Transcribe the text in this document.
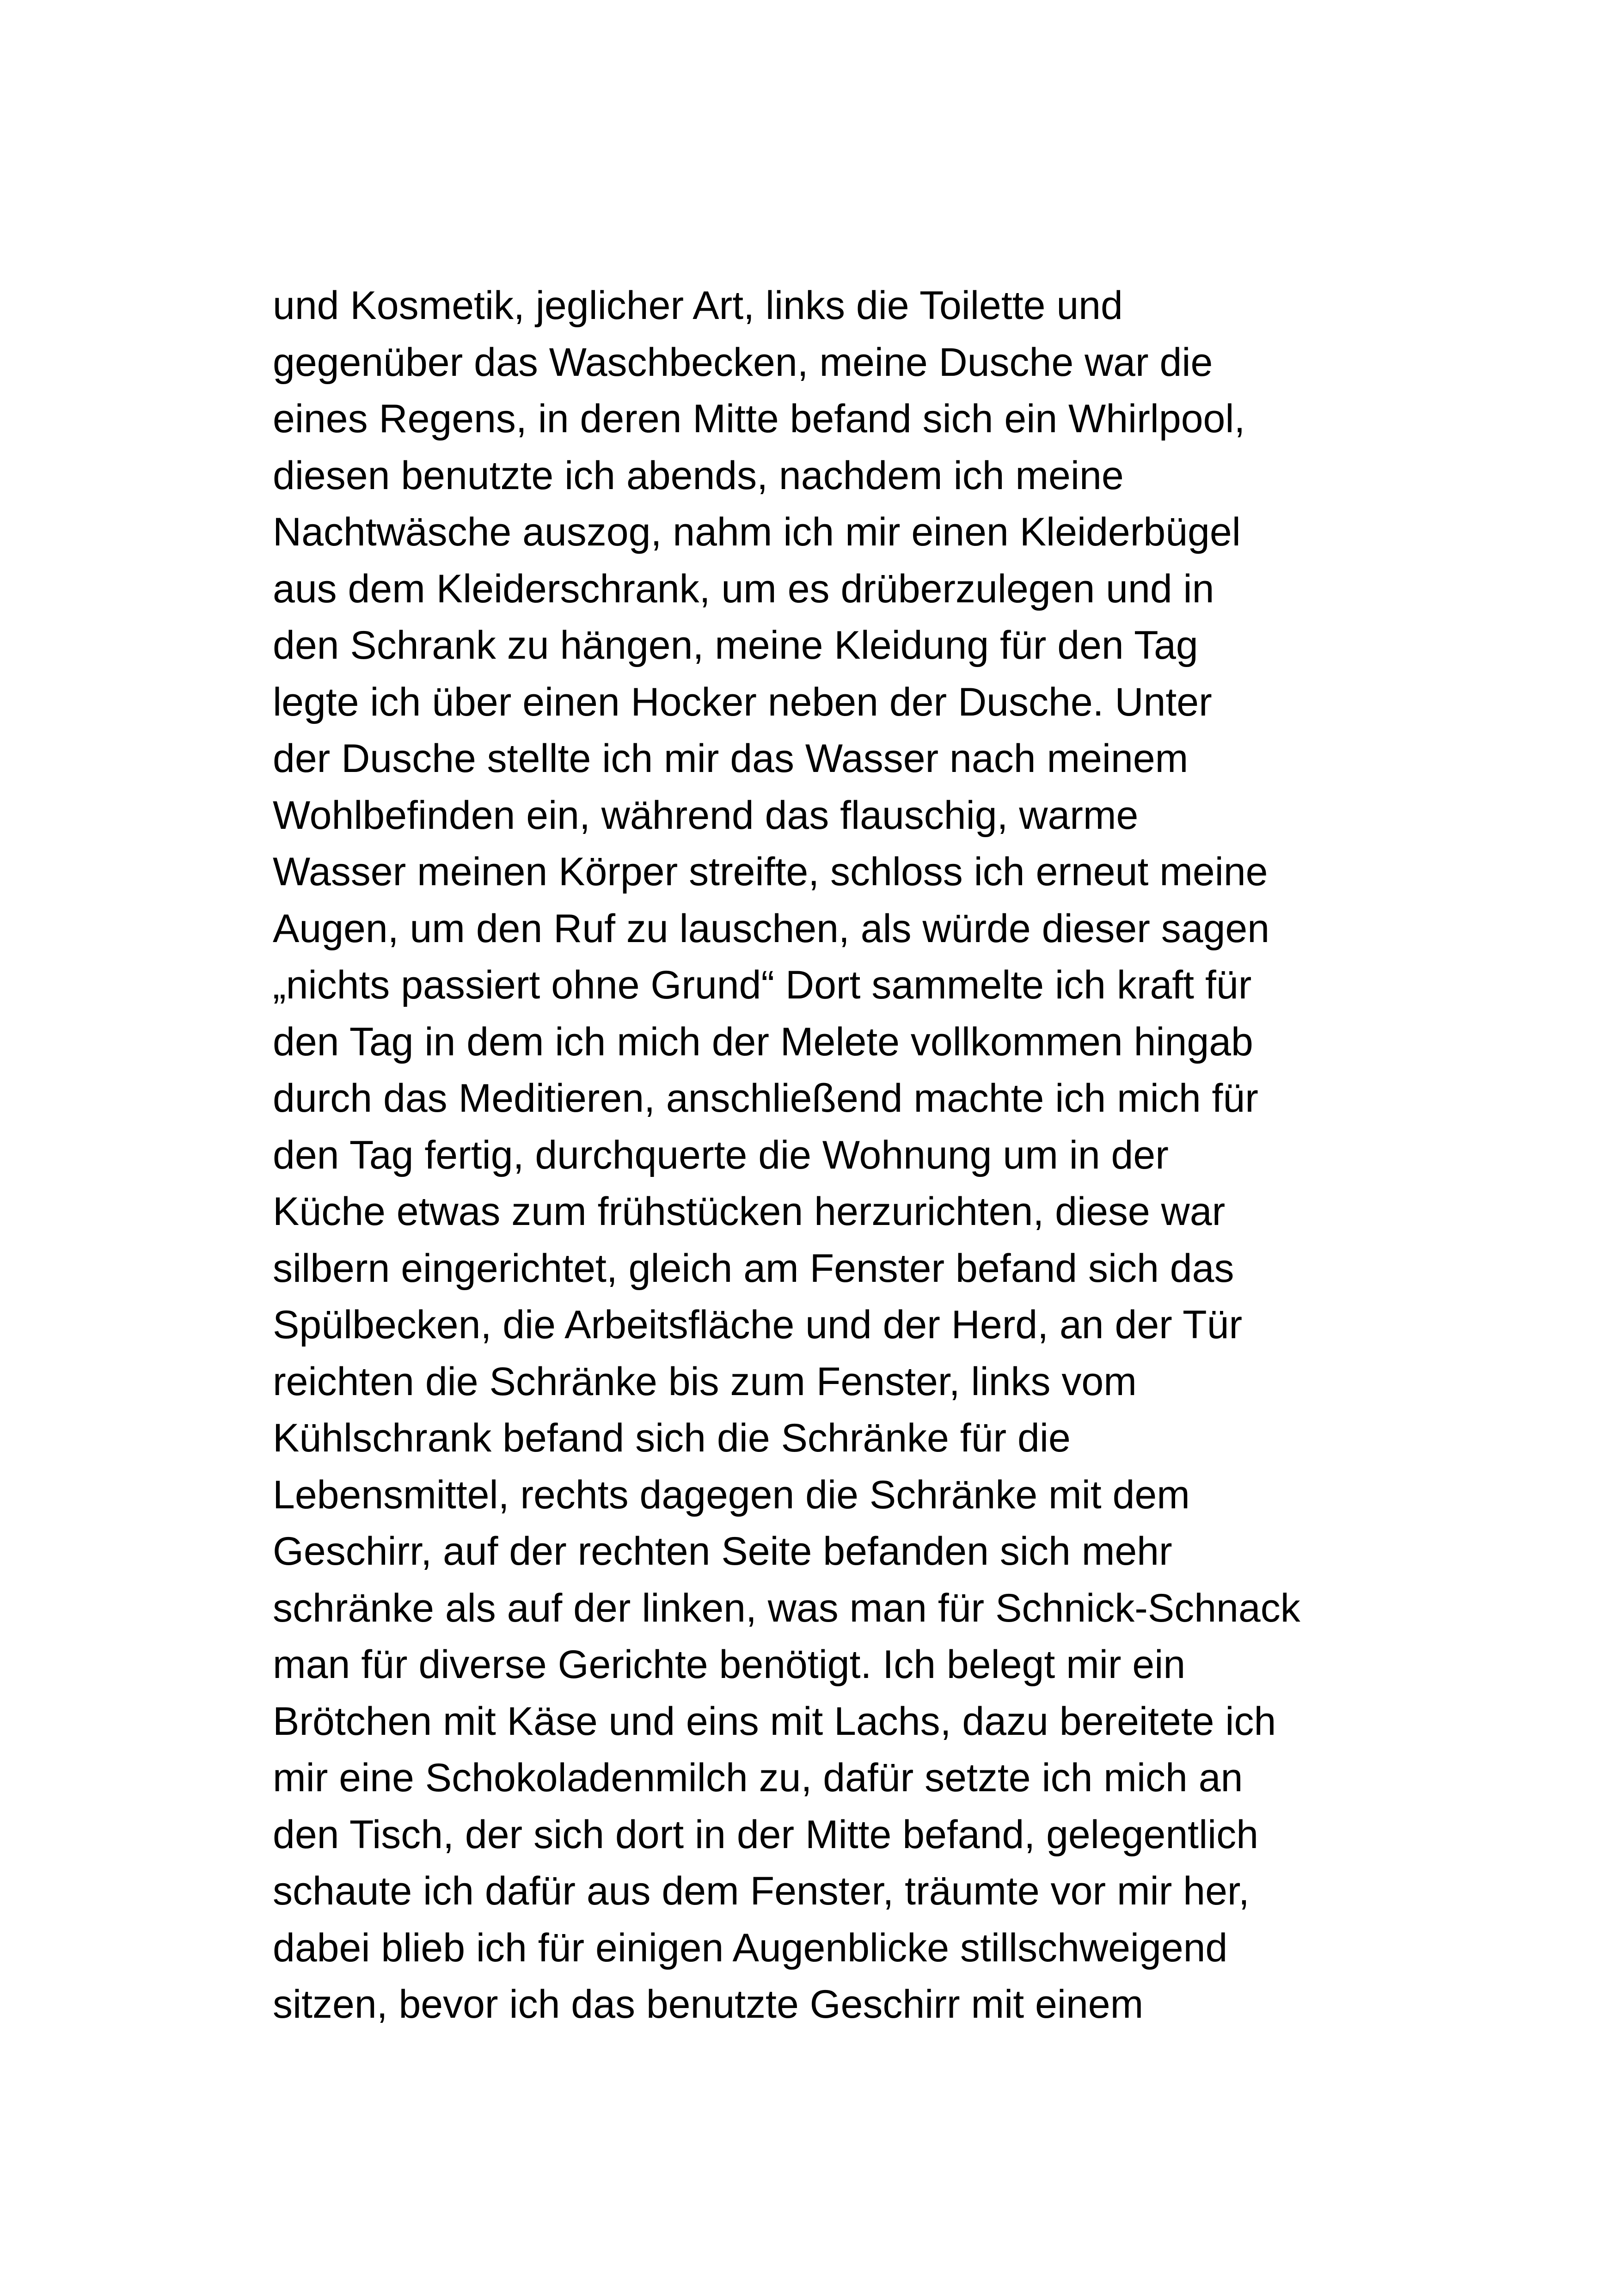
und Kosmetik, jeglicher Art, links die Toilette und
gegenüber das Waschbecken, meine Dusche war die
eines Regens, in deren Mitte befand sich ein Whirlpool,
diesen benutzte ich abends, nachdem ich meine
Nachtwäsche auszog, nahm ich mir einen Kleiderbügel
aus dem Kleiderschrank, um es drüberzulegen und in
den Schrank zu hängen, meine Kleidung für den Tag
legte ich über einen Hocker neben der Dusche. Unter
der Dusche stellte ich mir das Wasser nach meinem
Wohlbefinden ein, während das flauschig, warme
Wasser meinen Körper streifte, schloss ich erneut meine
Augen, um den Ruf zu lauschen, als würde dieser sagen
„nichts passiert ohne Grund“ Dort sammelte ich kraft für
den Tag in dem ich mich der Melete vollkommen hingab
durch das Meditieren, anschließend machte ich mich für
den Tag fertig, durchquerte die Wohnung um in der
Küche etwas zum frühstücken herzurichten, diese war
silbern eingerichtet, gleich am Fenster befand sich das
Spülbecken, die Arbeitsfläche und der Herd, an der Tür
reichten die Schränke bis zum Fenster, links vom
Kühlschrank befand sich die Schränke für die
Lebensmittel, rechts dagegen die Schränke mit dem
Geschirr, auf der rechten Seite befanden sich mehr
schränke als auf der linken, was man für Schnick-Schnack
man für diverse Gerichte benötigt. Ich belegt mir ein
Brötchen mit Käse und eins mit Lachs, dazu bereitete ich
mir eine Schokoladenmilch zu, dafür setzte ich mich an
den Tisch, der sich dort in der Mitte befand, gelegentlich
schaute ich dafür aus dem Fenster, träumte vor mir her,
dabei blieb ich für einigen Augenblicke stillschweigend
sitzen, bevor ich das benutzte Geschirr mit einem
